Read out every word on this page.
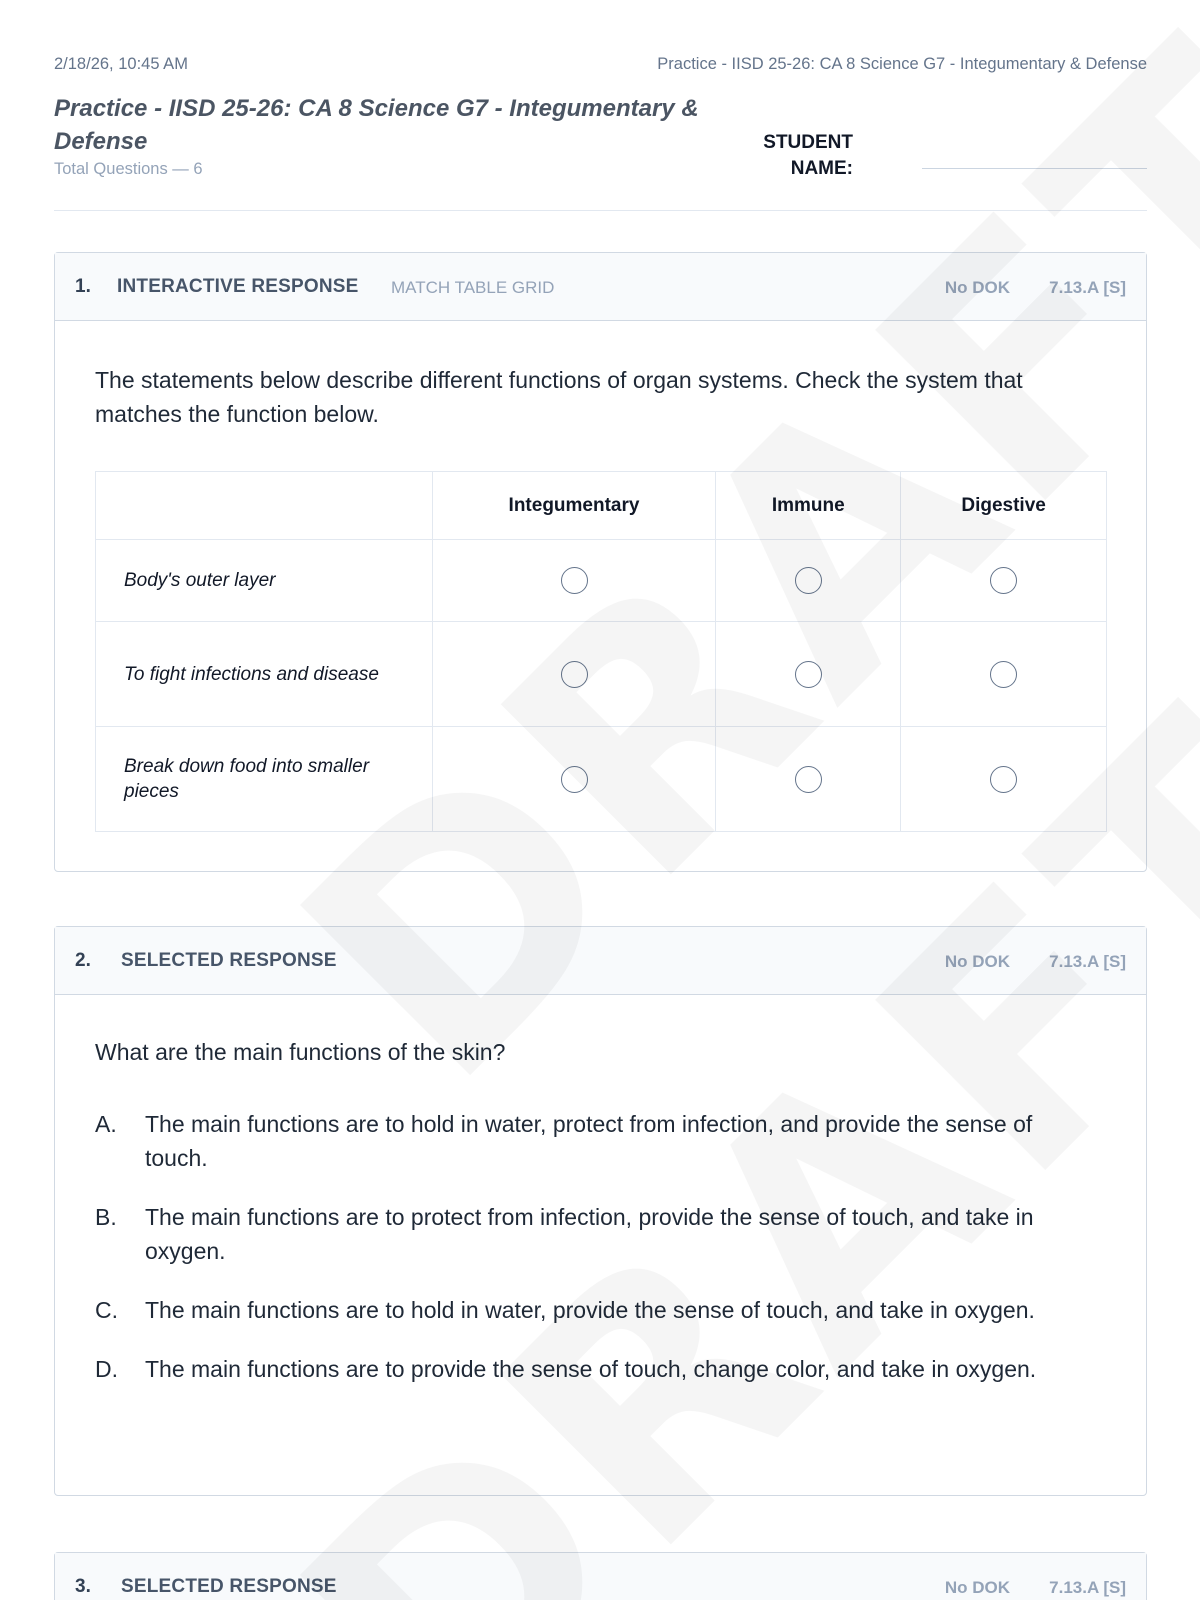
2/18/26, 10:45 AM	Practice - IISD 25-26: CA 8 Science G7 - Integumentary & Defense
Practice - IISD 25-26: CA 8 Science G7 - Integumentary & Defense
Total Questions — 6
STUDENT NAME:
1. INTERACTIVE RESPONSE MATCH TABLE GRID	No DOK 7.13.A [S]
The statements below describe different functions of organ systems. Check the system that matches the function below.
	Integumentary	Immune	Digestive
Body's outer layer			
To fight infections and disease			
Break down food into smaller pieces			
2. SELECTED RESPONSE	No DOK 7.13.A [S]
What are the main functions of the skin?
A. The main functions are to hold in water, protect from infection, and provide the sense of touch.
B. The main functions are to protect from infection, provide the sense of touch, and take in oxygen.
C. The main functions are to hold in water, provide the sense of touch, and take in oxygen.
D. The main functions are to provide the sense of touch, change color, and take in oxygen.
3. SELECTED RESPONSE	No DOK 7.13.A [S]
